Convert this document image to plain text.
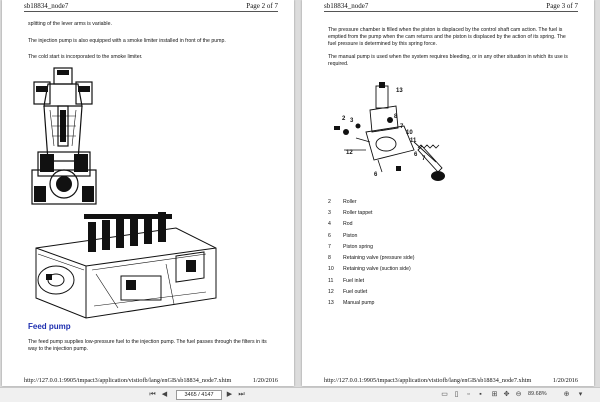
sb18834_node7	Page 2 of 7
splitting of the lever arms is variable.
The injection pump is also equipped with a smoke limiter installed in front of the pump.
The cold start is incorporated to the smoke limiter.
Feed pump
The feed pump supplies low-pressure fuel to the injection pump. The fuel passes through the filters in its way to the injection pump.
http://127.0.0.1:9905/impact3/application/vistiofb/lang/enGB/sb18834_node7.xhtm	1/20/2016
sb18834_node7	Page 3 of 7
The pressure chamber is filled when the piston is displaced by the control shaft cam action. The fuel is emptied from the pump when the cam returns and the piston is displaced by the action of its spring. The fuel pressure is determined by this spring force.
The manual pump is used when the system requires bleeding, or in any other situation in which its use is required.
13
2 3
8
7
10
11
12	6
7
6
2	Roller
3	Roller tappet
4	Rod
6	Piston
7	Piston spring
8	Retaining valve (pressure side)
10	Retaining valve (suction side)
11	Fuel inlet
12	Fuel outlet
13	Manual pump
http://127.0.0.1:9905/impact3/application/vistiofb/lang/enGB/sb18834_node7.xhtm	1/20/2016
⏮ ◀	3465 / 4147	▶ ⏭	▭ ▯	▫	▪	⊞ ✥ ⊖ 89.68%	⊕	▾
